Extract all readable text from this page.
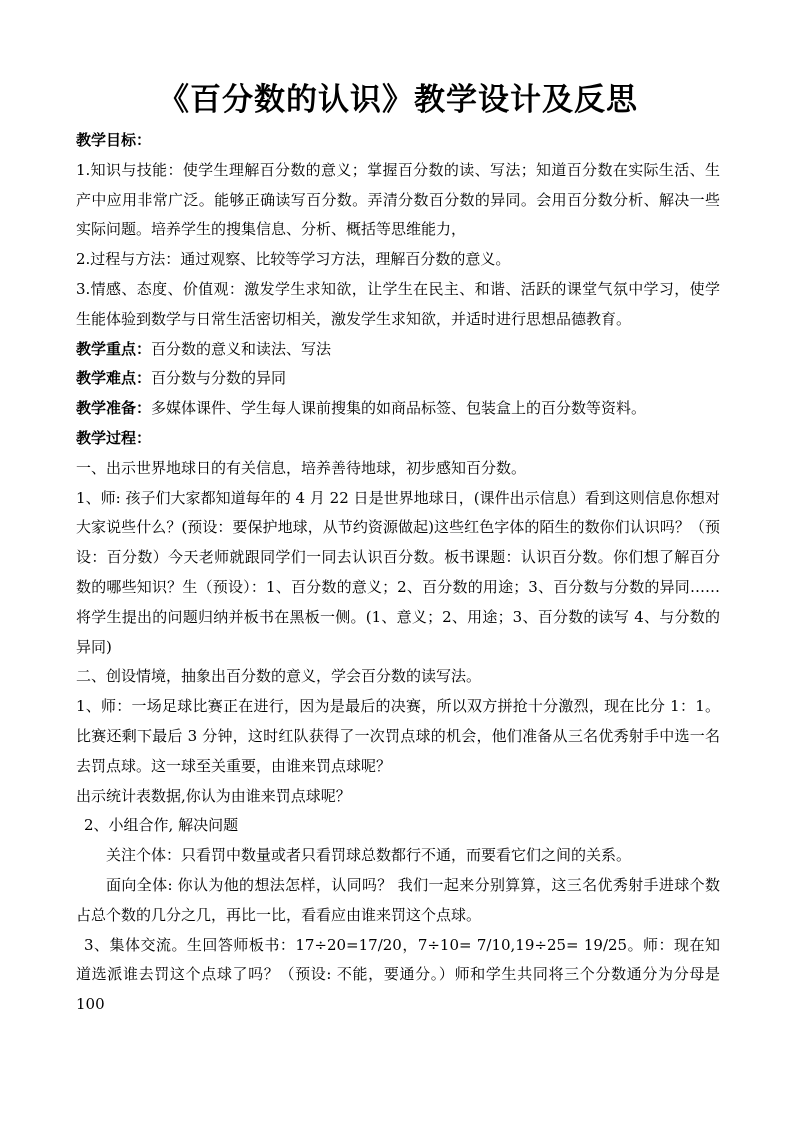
《百分数的认识》教学设计及反思

教学目标：

1.知识与技能：使学生理解百分数的意义；掌握百分数的读、写法；知道百分数在实际生活、生产中应用非常广泛。能够正确读写百分数。弄清分数百分数的异同。会用百分数分析、解决一些实际问题。培养学生的搜集信息、分析、概括等思维能力，

2.过程与方法：通过观察、比较等学习方法，理解百分数的意义。

3.情感、态度、价值观：激发学生求知欲，让学生在民主、和谐、活跃的课堂气氛中学习，使学生能体验到数学与日常生活密切相关，激发学生求知欲，并适时进行思想品德教育。

教学重点：百分数的意义和读法、写法

教学难点：百分数与分数的异同

教学准备：多媒体课件、学生每人课前搜集的如商品标签、包装盒上的百分数等资料。

教学过程：

一、出示世界地球日的有关信息，培养善待地球，初步感知百分数。

1、师: 孩子们大家都知道每年的 4 月 22 日是世界地球日，(课件出示信息）看到这则信息你想对大家说些什么？(预设：要保护地球，从节约资源做起)这些红色字体的陌生的数你们认识吗？（预设：百分数）今天老师就跟同学们一同去认识百分数。板书课题：认识百分数。你们想了解百分数的哪些知识？生（预设）：1、百分数的意义；2、百分数的用途；3、百分数与分数的异同……　将学生提出的问题归纳并板书在黑板一侧。(1、意义；2、用途；3、百分数的读写 4、与分数的异同)

二、创设情境，抽象出百分数的意义，学会百分数的读写法。

1、师：一场足球比赛正在进行，因为是最后的决赛，所以双方拼抢十分激烈，现在比分 1：1。比赛还剩下最后 3 分钟，这时红队获得了一次罚点球的机会，他们准备从三名优秀射手中选一名去罚点球。这一球至关重要，由谁来罚点球呢？

出示统计表数据,你认为由谁来罚点球呢？

2、小组合作, 解决问题

关注个体：只看罚中数量或者只看罚球总数都行不通，而要看它们之间的关系。

面向全体: 你认为他的想法怎样，认同吗？ 我们一起来分别算算，这三名优秀射手进球个数占总个数的几分之几，再比一比，看看应由谁来罚这个点球。

3、集体交流。生回答师板书：17÷20=17/20，7÷10= 7/10,19÷25= 19/25。师：现在知道选派谁去罚这个点球了吗？（预设: 不能，要通分。）师和学生共同将三个分数通分为分母是 100
